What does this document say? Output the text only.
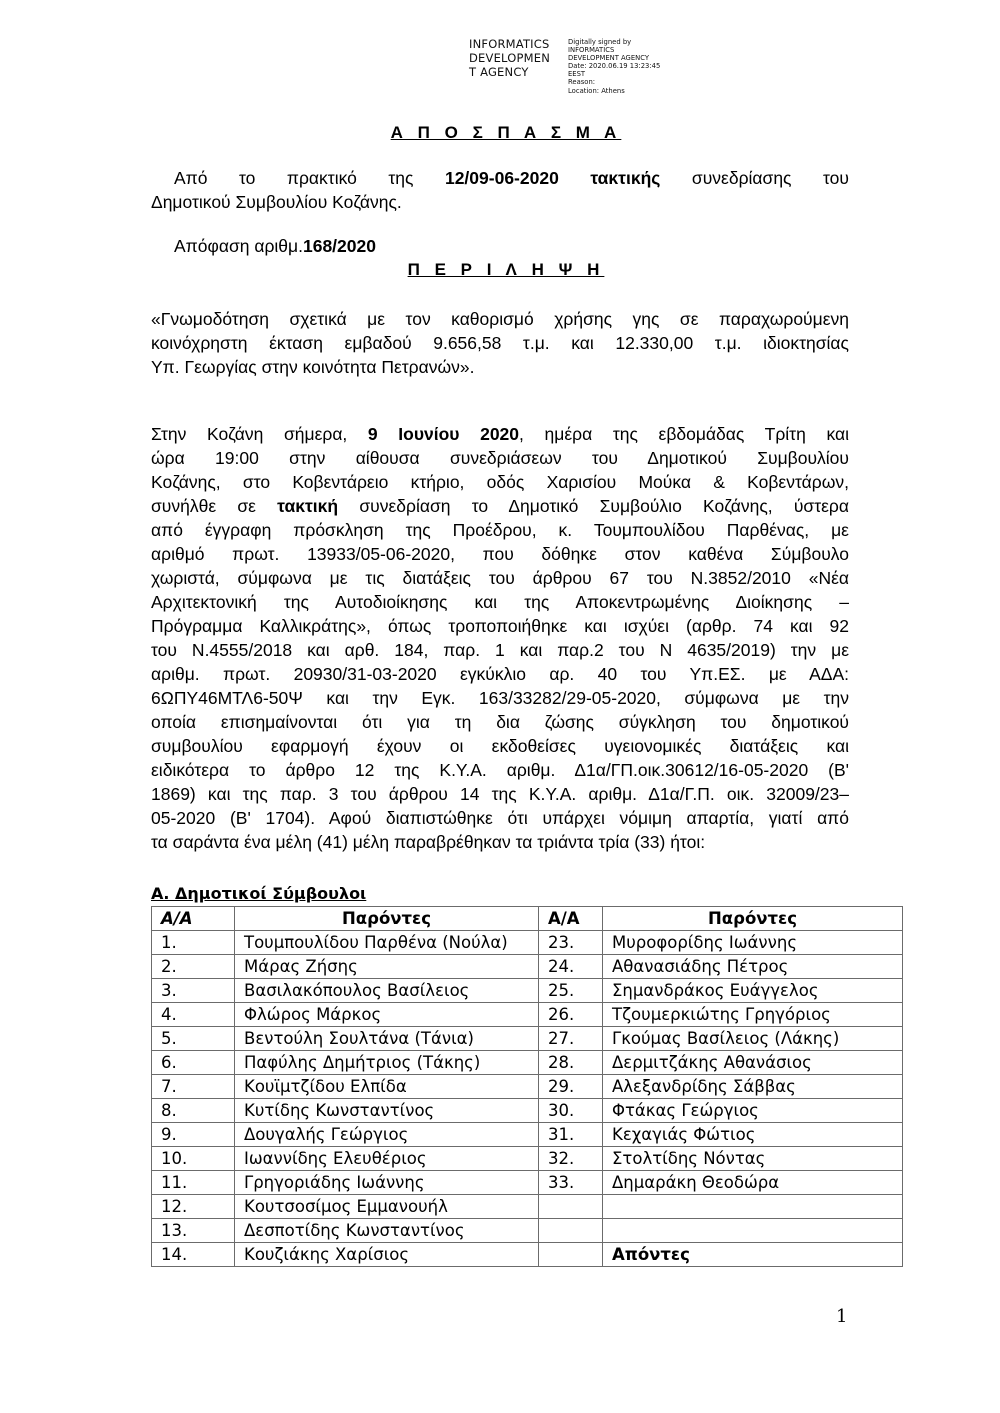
INFORMATICS
DEVELOPMEN
T AGENCY
Digitally signed by
INFORMATICS
DEVELOPMENT AGENCY
Date: 2020.06.19 13:23:45
EEST
Reason:
Location: Athens
Α Π Ο Σ Π Α Σ Μ Α
Από το πρακτικό της 12/09-06-2020 τακτικής συνεδρίασης του
Δημοτικού Συμβουλίου Κοζάνης.
Απόφαση αριθμ.168/2020
Π Ε Ρ Ι Λ Η Ψ Η
«Γνωμοδότηση σχετικά με τον καθορισμό χρήσης γης σε παραχωρούμενη
κοινόχρηστη έκταση εμβαδού 9.656,58 τ.μ. και 12.330,00 τ.μ. ιδιοκτησίας
Υπ. Γεωργίας στην κοινότητα Πετρανών».
Στην Κοζάνη σήμερα, 9 Ιουνίου 2020, ημέρα της εβδομάδας Τρίτη και
ώρα 19:00 στην αίθουσα συνεδριάσεων του Δημοτικού Συμβουλίου
Κοζάνης, στο Κοβεντάρειο κτήριο, οδός Χαρισίου Μούκα & Κοβεντάρων,
συνήλθε σε τακτική συνεδρίαση το Δημοτικό Συμβούλιο Κοζάνης, ύστερα
από έγγραφη πρόσκληση της Προέδρου, κ. Τουμπουλίδου Παρθένας, με
αριθμό πρωτ. 13933/05-06-2020, που δόθηκε στον καθένα Σύμβουλο
χωριστά, σύμφωνα με τις διατάξεις του άρθρου 67 του Ν.3852/2010 «Νέα
Αρχιτεκτονική της Αυτοδιοίκησης και της Αποκεντρωμένης Διοίκησης –
Πρόγραμμα Καλλικράτης», όπως τροποποιήθηκε και ισχύει (αρθρ. 74 και 92
του Ν.4555/2018 και αρθ. 184, παρ. 1 και παρ.2 του Ν 4635/2019) την με
αριθμ. πρωτ. 20930/31-03-2020 εγκύκλιο αρ. 40 του Υπ.ΕΣ. με ΑΔΑ:
6ΩΠΥ46ΜΤΛ6-50Ψ και την Εγκ. 163/33282/29-05-2020, σύμφωνα με την
οποία επισημαίνονται ότι για τη δια ζώσης σύγκληση του δημοτικού
συμβουλίου εφαρμογή έχουν οι εκδοθείσες υγειονομικές διατάξεις και
ειδικότερα το άρθρο 12 της Κ.Υ.Α. αριθμ. Δ1α/ΓΠ.οικ.30612/16-05-2020 (Β'
1869) και της παρ. 3 του άρθρου 14 της Κ.Υ.Α. αριθμ. Δ1α/Γ.Π. οικ. 32009/23–
05-2020 (Β' 1704). Αφού διαπιστώθηκε ότι υπάρχει νόμιμη απαρτία, γιατί από
τα σαράντα ένα μέλη (41) μέλη παραβρέθηκαν τα τριάντα τρία (33) ήτοι:
Α. Δημοτικοί Σύμβουλοι
Α/Α	Παρόντες	Α/Α	Παρόντες
1.	Τουμπουλίδου Παρθένα (Νούλα)	23.	Μυροφορίδης Ιωάννης
2.	Μάρας Ζήσης	24.	Αθανασιάδης Πέτρος
3.	Βασιλακόπουλος Βασίλειος	25.	Σημανδράκος Ευάγγελος
4.	Φλώρος Μάρκος	26.	Τζουμερκιώτης Γρηγόριος
5.	Βεντούλη Σουλτάνα (Τάνια)	27.	Γκούμας Βασίλειος (Λάκης)
6.	Παφύλης Δημήτριος (Τάκης)	28.	Δερμιτζάκης Αθανάσιος
7.	Κουϊμτζίδου Ελπίδα	29.	Αλεξανδρίδης Σάββας
8.	Κυτίδης Κωνσταντίνος	30.	Φτάκας Γεώργιος
9.	Δουγαλής Γεώργιος	31.	Κεχαγιάς Φώτιος
10.	Ιωαννίδης Ελευθέριος	32.	Στολτίδης Νόντας
11.	Γρηγοριάδης Ιωάννης	33.	Δημαράκη Θεοδώρα
12.	Κουτσοσίμος Εμμανουήλ		
13.	Δεσποτίδης Κωνσταντίνος		
14.	Κουζιάκης Χαρίσιος		Απόντες
1
